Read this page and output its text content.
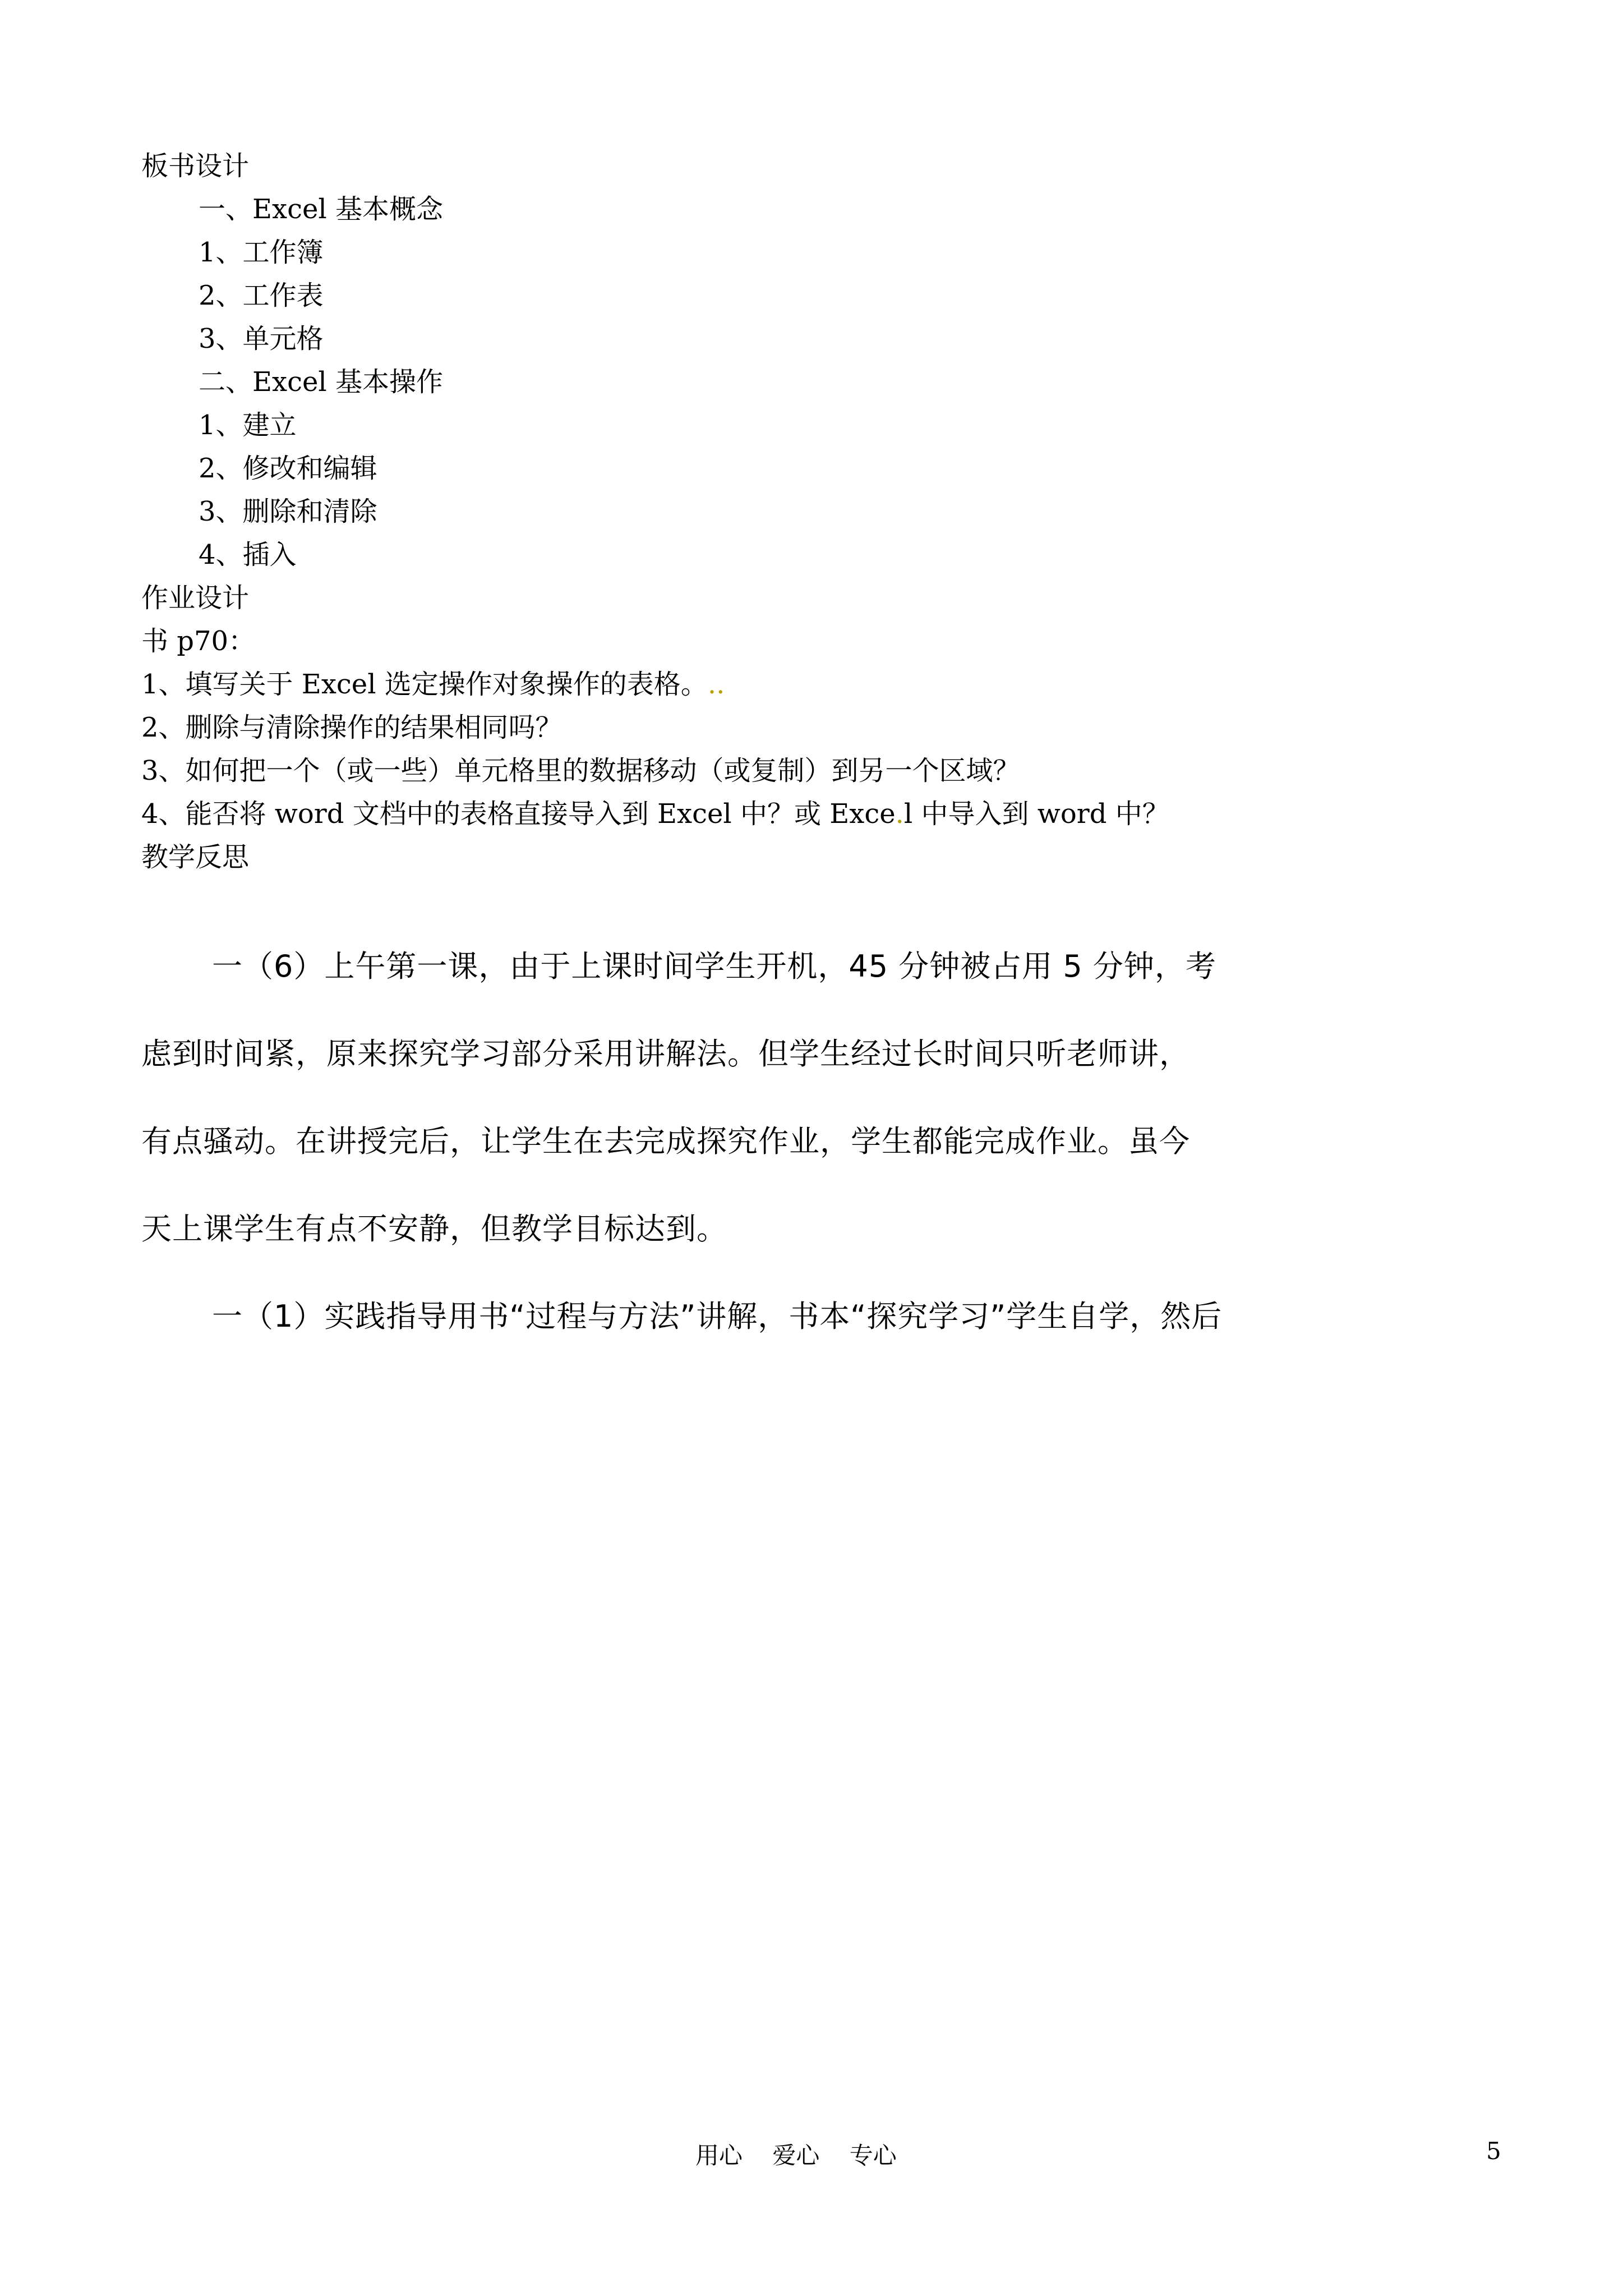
板书设计
一、Excel 基本概念
1、工作簿
2、工作表
3、单元格
二、Excel 基本操作
1、建立
2、修改和编辑
3、删除和清除
4、插入
作业设计
书 p70：
1、填写关于 Excel 选定操作对象操作的表格。..
2、删除与清除操作的结果相同吗？
3、如何把一个（或一些）单元格里的数据移动（或复制）到另一个区域？
4、能否将 word 文档中的表格直接导入到 Excel 中？或 Exce.l 中导入到 word 中？
教学反思
一（6）上午第一课，由于上课时间学生开机，45 分钟被占用 5 分钟，考
虑到时间紧，原来探究学习部分采用讲解法。但学生经过长时间只听老师讲，
有点骚动。在讲授完后，让学生在去完成探究作业，学生都能完成作业。虽今
天上课学生有点不安静，但教学目标达到。
一（1）实践指导用书“过程与方法”讲解，书本“探究学习”学生自学，然后
用心 爱心 专心	5
